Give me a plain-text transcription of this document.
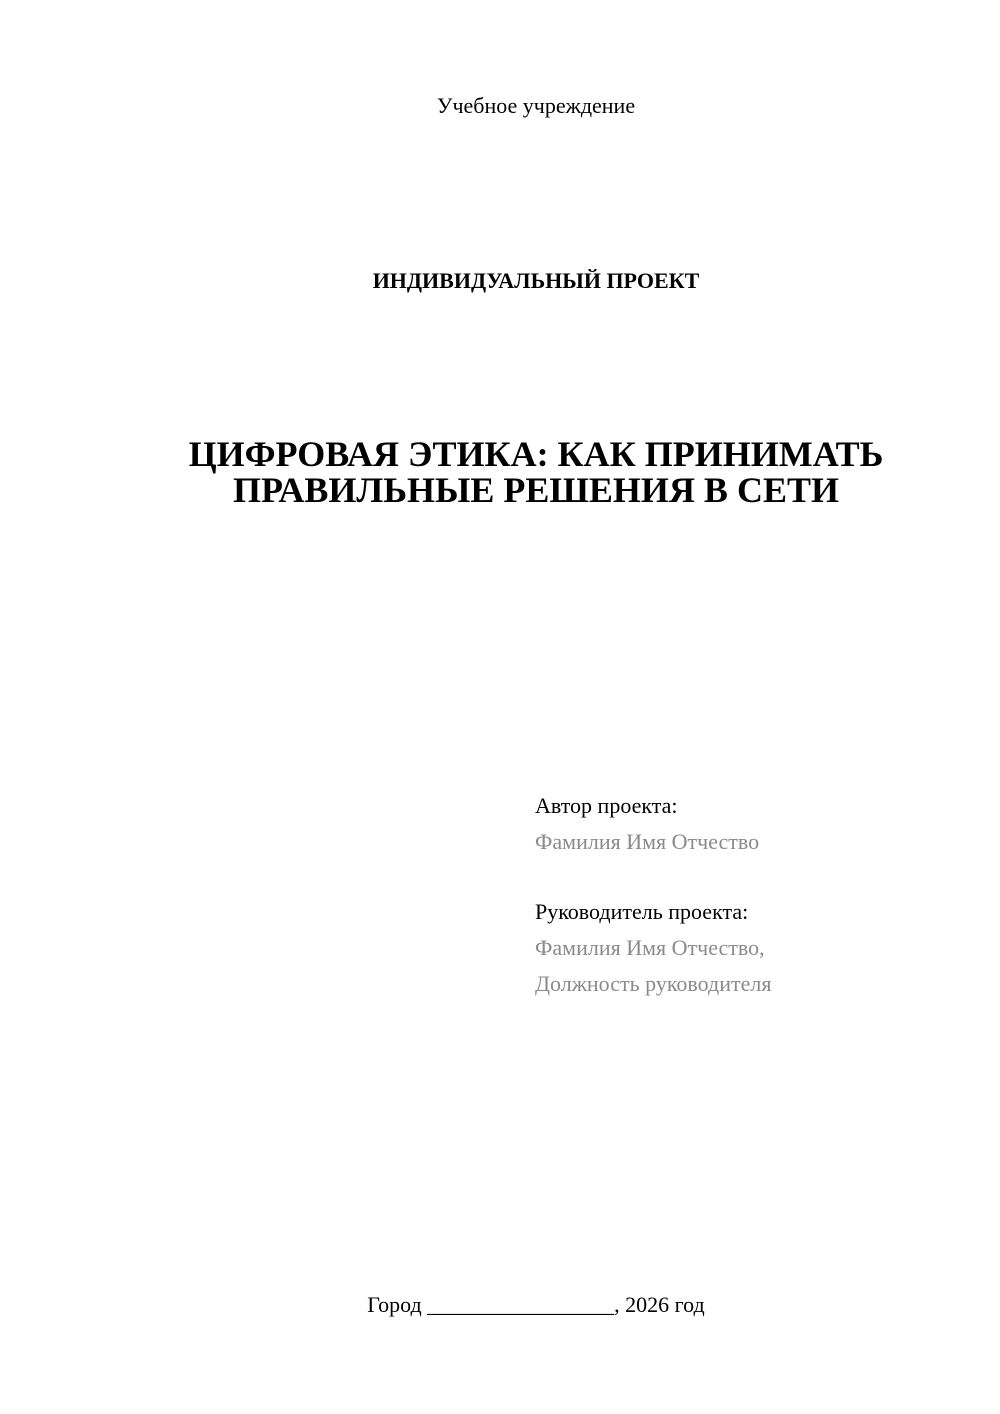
Учебное учреждение
ИНДИВИДУАЛЬНЫЙ ПРОЕКТ
ЦИФРОВАЯ ЭТИКА: КАК ПРИНИМАТЬ
ПРАВИЛЬНЫЕ РЕШЕНИЯ В СЕТИ
Автор проекта:
Фамилия Имя Отчество
Руководитель проекта:
Фамилия Имя Отчество,
Должность руководителя
Город _________________, 2026 год
